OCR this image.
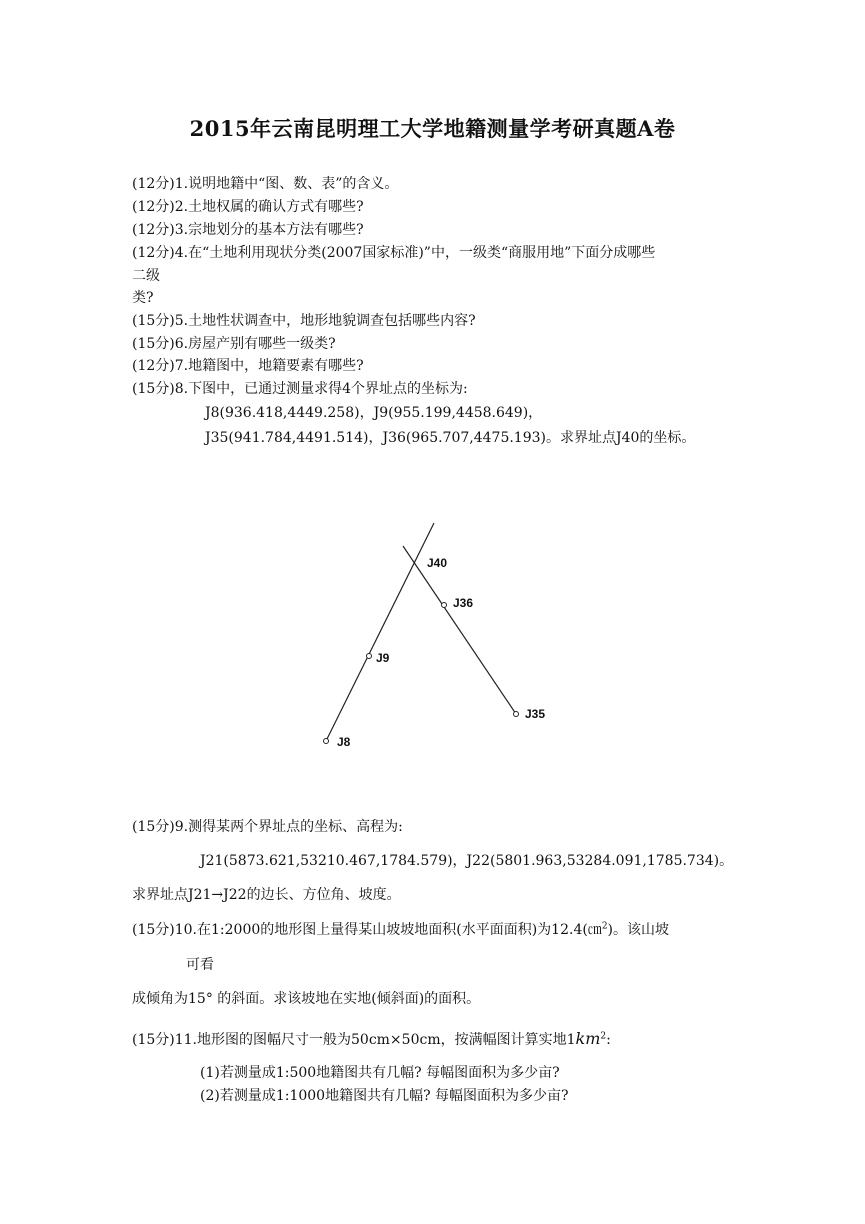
2015年云南昆明理工大学地籍测量学考研真题A卷
(12分)1.说明地籍中“图、数、表”的含义。
(12分)2.土地权属的确认方式有哪些?
(12分)3.宗地划分的基本方法有哪些?
(12分)4.在“土地利用现状分类(2007国家标准)”中，一级类“商服用地”下面分成哪些
二级
类?
(15分)5.土地性状调查中，地形地貌调查包括哪些内容?
(15分)6.房屋产别有哪些一级类?
(12分)7.地籍图中，地籍要素有哪些?
(15分)8.下图中，已通过测量求得4个界址点的坐标为:
J8(936.418,4449.258)，J9(955.199,4458.649)，
J35(941.784,4491.514)，J36(965.707,4475.193)。求界址点J40的坐标。
J40
J36
J9
J35
J8
(15分)9.测得某两个界址点的坐标、高程为:
J21(5873.621,53210.467,1784.579)，J22(5801.963,53284.091,1785.734)。
求界址点J21→J22的边长、方位角、坡度。
(15分)10.在1:2000的地形图上量得某山坡坡地面积(水平面面积)为12.4(㎝$^2$)。该山坡
可看
成倾角为15° 的斜面。求该坡地在实地(倾斜面)的面积。
(15分)11.地形图的图幅尺寸一般为50cm×50cm，按满幅图计算实地$1km^2$:
(1)若测量成1:500地籍图共有几幅? 每幅图面积为多少亩?
(2)若测量成1:1000地籍图共有几幅? 每幅图面积为多少亩?
